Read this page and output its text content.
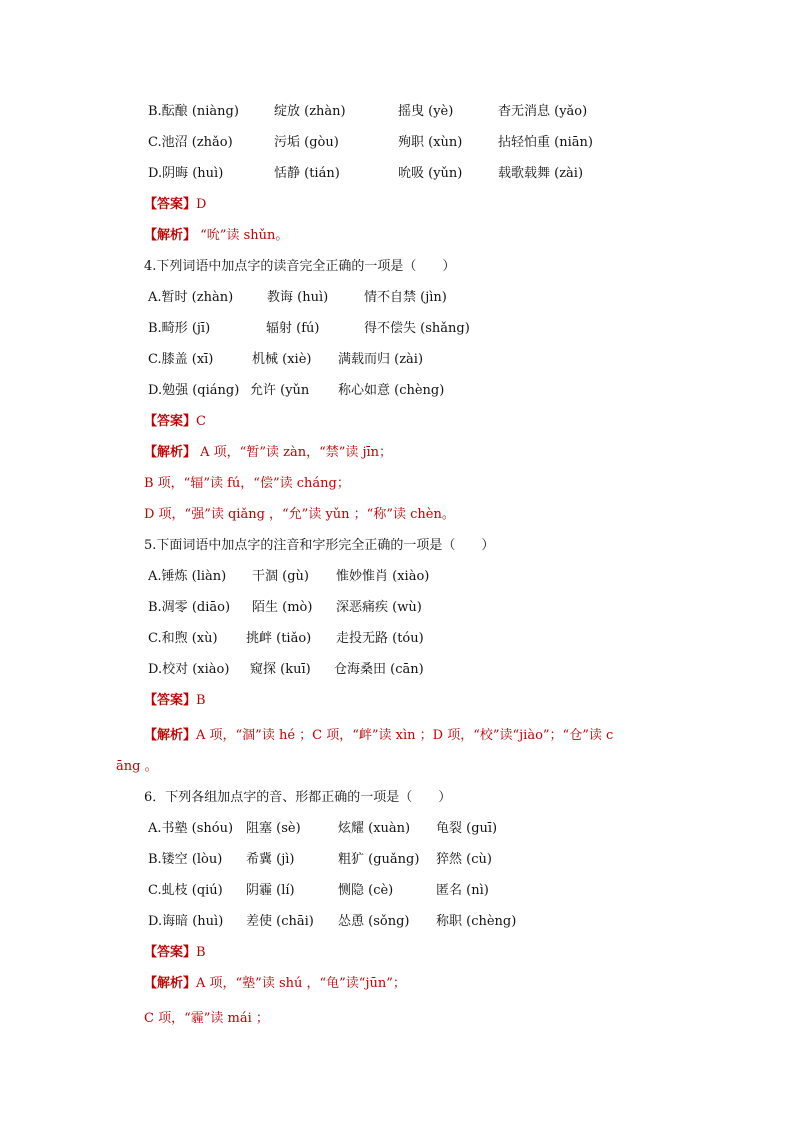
B.酝酿 (niàng)	绽放 (zhàn)	摇曳 (yè)	杳无消息 (yǎo)
C.池沼 (zhǎo)	污垢 (gòu)	殉职 (xùn)	拈轻怕重 (niān)
D.阴晦 (huì)	恬静 (tián)	吮吸 (yǔn)	载歌载舞 (zài)
【答案】D
【解析】 “吮”读 shǔn。
4.下列词语中加点字的读音完全正确的一项是（　　）
A.暂时 (zhàn)	教诲 (huì)	情不自禁 (jìn)
B.畸形 (jī)	辐射 (fú)	得不偿失 (shǎng)
C.膝盖 (xī)	机械 (xiè) 满载而归 (zài)
D.勉强 (qiáng) 允许 (yǔn 称心如意 (chèng)
【答案】C
【解析】 A 项，“暂”读 zàn，“禁”读 jīn；
B 项，“辐”读 fú，“偿”读 cháng；
D 项，“强”读 qiǎng ，“允”读 yǔn ；“称”读 chèn。
5.下面词语中加点字的注音和字形完全正确的一项是（　　）
A.锤炼 (liàn) 干涸 (gù) 惟妙惟肖 (xiào)
B.凋零 (diāo) 陌生 (mò) 深恶痛疾 (wù)
C.和煦 (xù) 挑衅 (tiǎo) 走投无路 (tóu)
D.校对 (xiào) 窥探 (kuī) 仓海桑田 (cān)
【答案】B
【解析】A 项，“涸”读 hé ；C 项，“衅”读 xìn ；D 项，“校”读“jiào”；“仓”读 c
āng 。
6．下列各组加点字的音、形都正确的一项是（　　）
A.书塾 (shóu) 阻塞 (sè)	炫耀 (xuàn) 龟裂 (guī)
B.镂空 (lòu) 希冀 (jì)	粗犷 (guǎng) 猝然 (cù)
C.虬枝 (qiú) 阴霾 (lí)	恻隐 (cè)	匿名 (nì)
D.诲暗 (huì) 差使 (chāi) 怂恿 (sǒng) 称职 (chèng)
【答案】B
【解析】A 项，“塾”读 shú ，“龟”读“jūn”；
C 项，“霾”读 mái ；
